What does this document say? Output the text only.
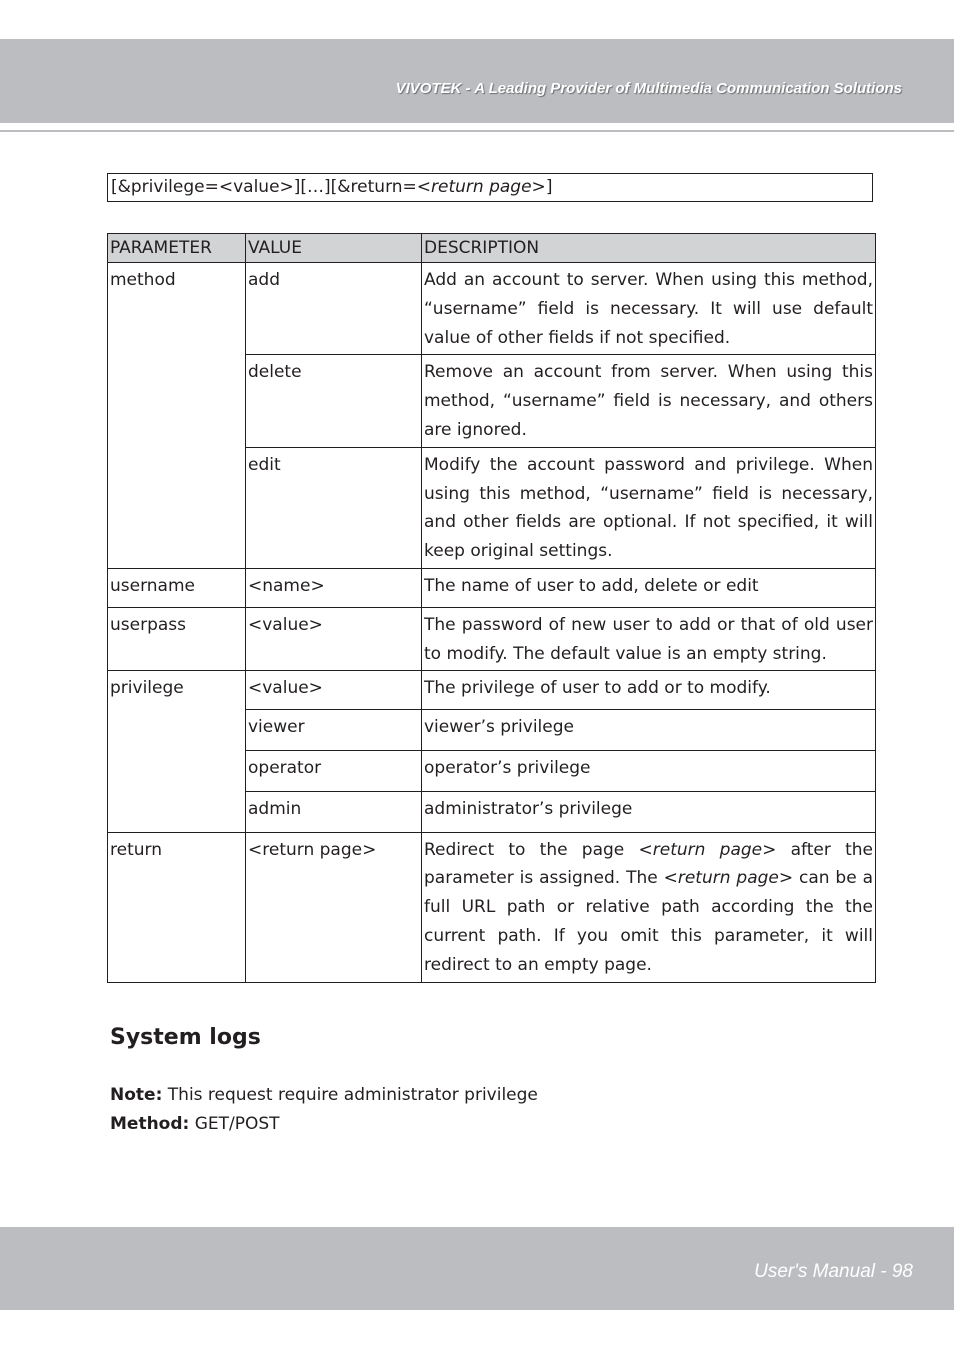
VIVOTEK - A Leading Provider of Multimedia Communication Solutions
[&privilege=<value>][…][&return=<return page>]
PARAMETER	VALUE	DESCRIPTION
method	add	Add an account to server. When using this method, “username” field is necessary. It will use default value of other fields if not specified.
	delete	Remove an account from server. When using this method, “username” field is necessary, and others are ignored.
	edit	Modify the account password and privilege. When using this method, “username” field is necessary, and other fields are optional. If not specified, it will keep original settings.
username	<name>	The name of user to add, delete or edit
userpass	<value>	The password of new user to add or that of old user to modify. The default value is an empty string.
privilege	<value>	The privilege of user to add or to modify.
	viewer	viewer’s privilege
	operator	operator’s privilege
	admin	administrator’s privilege
return	<return page>	Redirect to the page <return page> after the parameter is assigned. The <return page> can be a full URL path or relative path according the the current path. If you omit this parameter, it will redirect to an empty page.
System logs
Note: This request require administrator privilege
Method: GET/POST
User's Manual - 98
